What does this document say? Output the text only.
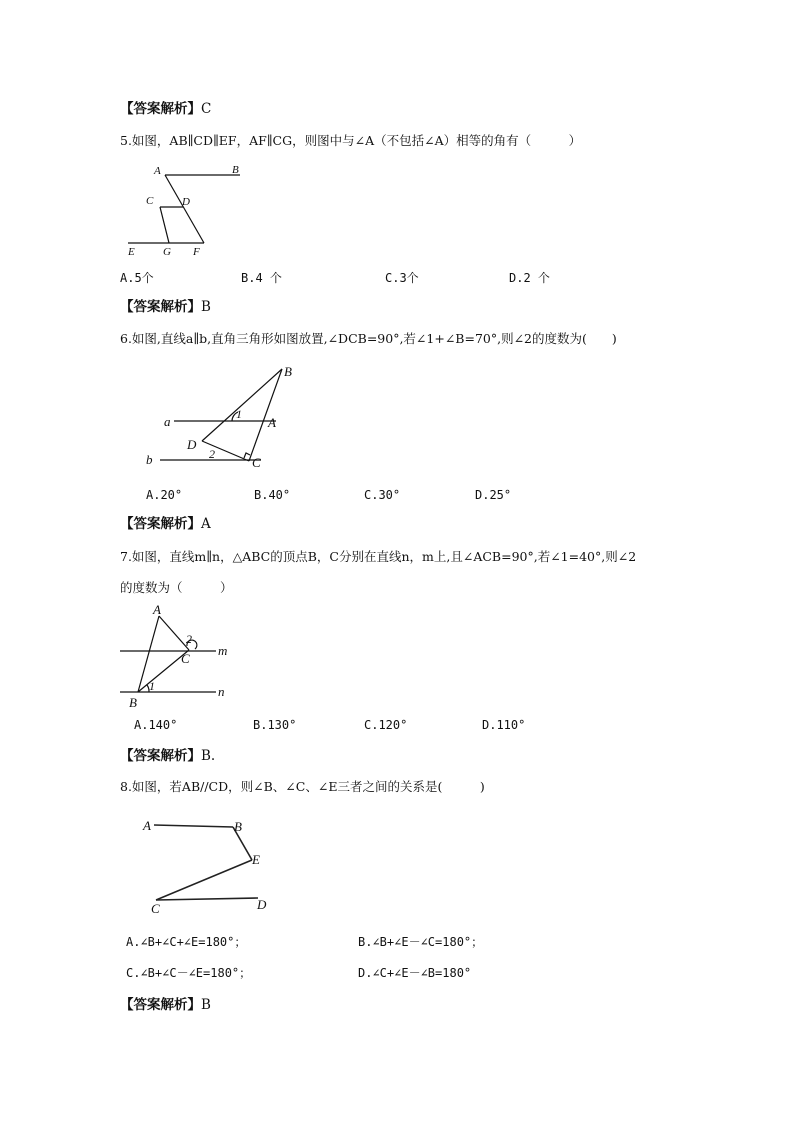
【答案解析】C
5.如图，AB∥CD∥EF，AF∥CG，则图中与∠A（不包括∠A）相等的角有（　　　）
A	B
C	D
E	G F
A.5个	B.4 个	C.3个	D.2 个
【答案解析】B
6.如图,直线a∥b,直角三角形如图放置,∠DCB=90°,若∠1+∠B=70°,则∠2的度数为(　　)
a
b
B
A
D
C
1
2
A.20°	B.40°	C.30°	D.25°
【答案解析】A
7.如图，直线m∥n，△ABC的顶点B，C分别在直线n，m上,且∠ACB=90°,若∠1=40°,则∠2
的度数为（　　　）
A
B
C
m
n
1
2
A.140°	B.130°	C.120°	D.110°
【答案解析】B.
8.如图，若AB//CD，则∠B、∠C、∠E三者之间的关系是(　　　)
A	B
E
C	D
A.∠B+∠C+∠E=180°；	B.∠B+∠E－∠C=180°；
C.∠B+∠C－∠E=180°；	D.∠C+∠E－∠B=180°
【答案解析】B
